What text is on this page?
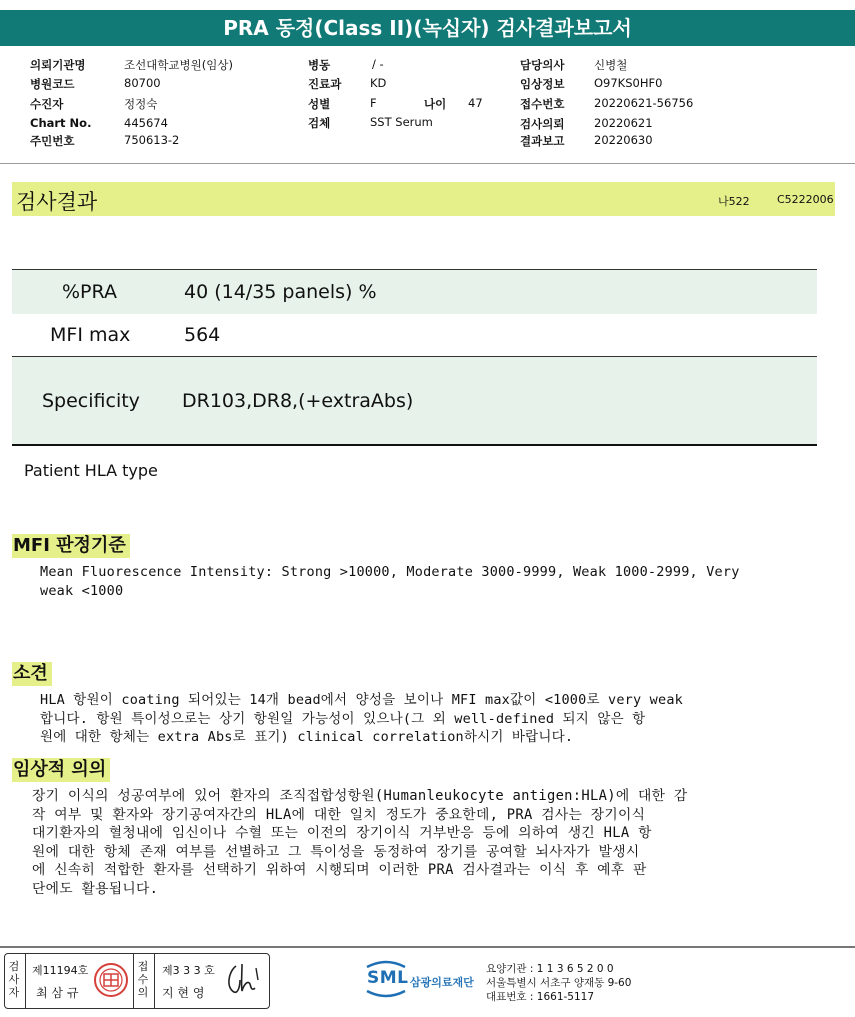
PRA 동정(Class II)(녹십자) 검사결과보고서
의뢰기관명	조선대학교병원(임상)
병원코드	80700
수진자	정정숙
Chart No.	445674
주민번호	750613-2
병동	/ -
진료과 KD
성별	F	나이 47
검체	SST Serum
담당의사	신병철
임상정보	O97KS0HF0
접수번호	20220621-56756
검사의뢰	20220621
결과보고	20220630
검사결과	나522 C5222006
%PRA	40 (14/35 panels) %
MFI max	564
Specificity DR103,DR8,(+extraAbs)
Patient HLA type
MFI 판정기준
Mean Fluorescence Intensity: Strong >10000, Moderate 3000-9999, Weak 1000-2999, Very
weak <1000
소견
HLA 항원이 coating 되어있는 14개 bead에서 양성을 보이나 MFI max값이 <1000로 very weak
합니다. 항원 특이성으로는 상기 항원일 가능성이 있으나(그 외 well-defined 되지 않은 항
원에 대한 항체는 extra Abs로 표기) clinical correlation하시기 바랍니다.
임상적 의의
장기 이식의 성공여부에 있어 환자의 조직접합성항원(Humanleukocyte antigen:HLA)에 대한 감
작 여부 및 환자와 장기공여자간의 HLA에 대한 일치 정도가 중요한데, PRA 검사는 장기이식
대기환자의 혈청내에 임신이나 수혈 또는 이전의 장기이식 거부반응 등에 의하여 생긴 HLA 항
원에 대한 항체 존재 여부를 선별하고 그 특이성을 동정하여 장기를 공여할 뇌사자가 발생시
에 신속히 적합한 환자를 선택하기 위하여 시행되며 이러한 PRA 검사결과는 이식 후 예후 판
단에도 활용됩니다.
검사자
제11194호
최 삼 규
접수의
제3 3 3 호
지 현 영
SML 삼광의료재단
요양기관 : 1 1 3 6 5 2 0 0
서울특별시 서초구 양재동 9-60
대표번호 : 1661-5117
